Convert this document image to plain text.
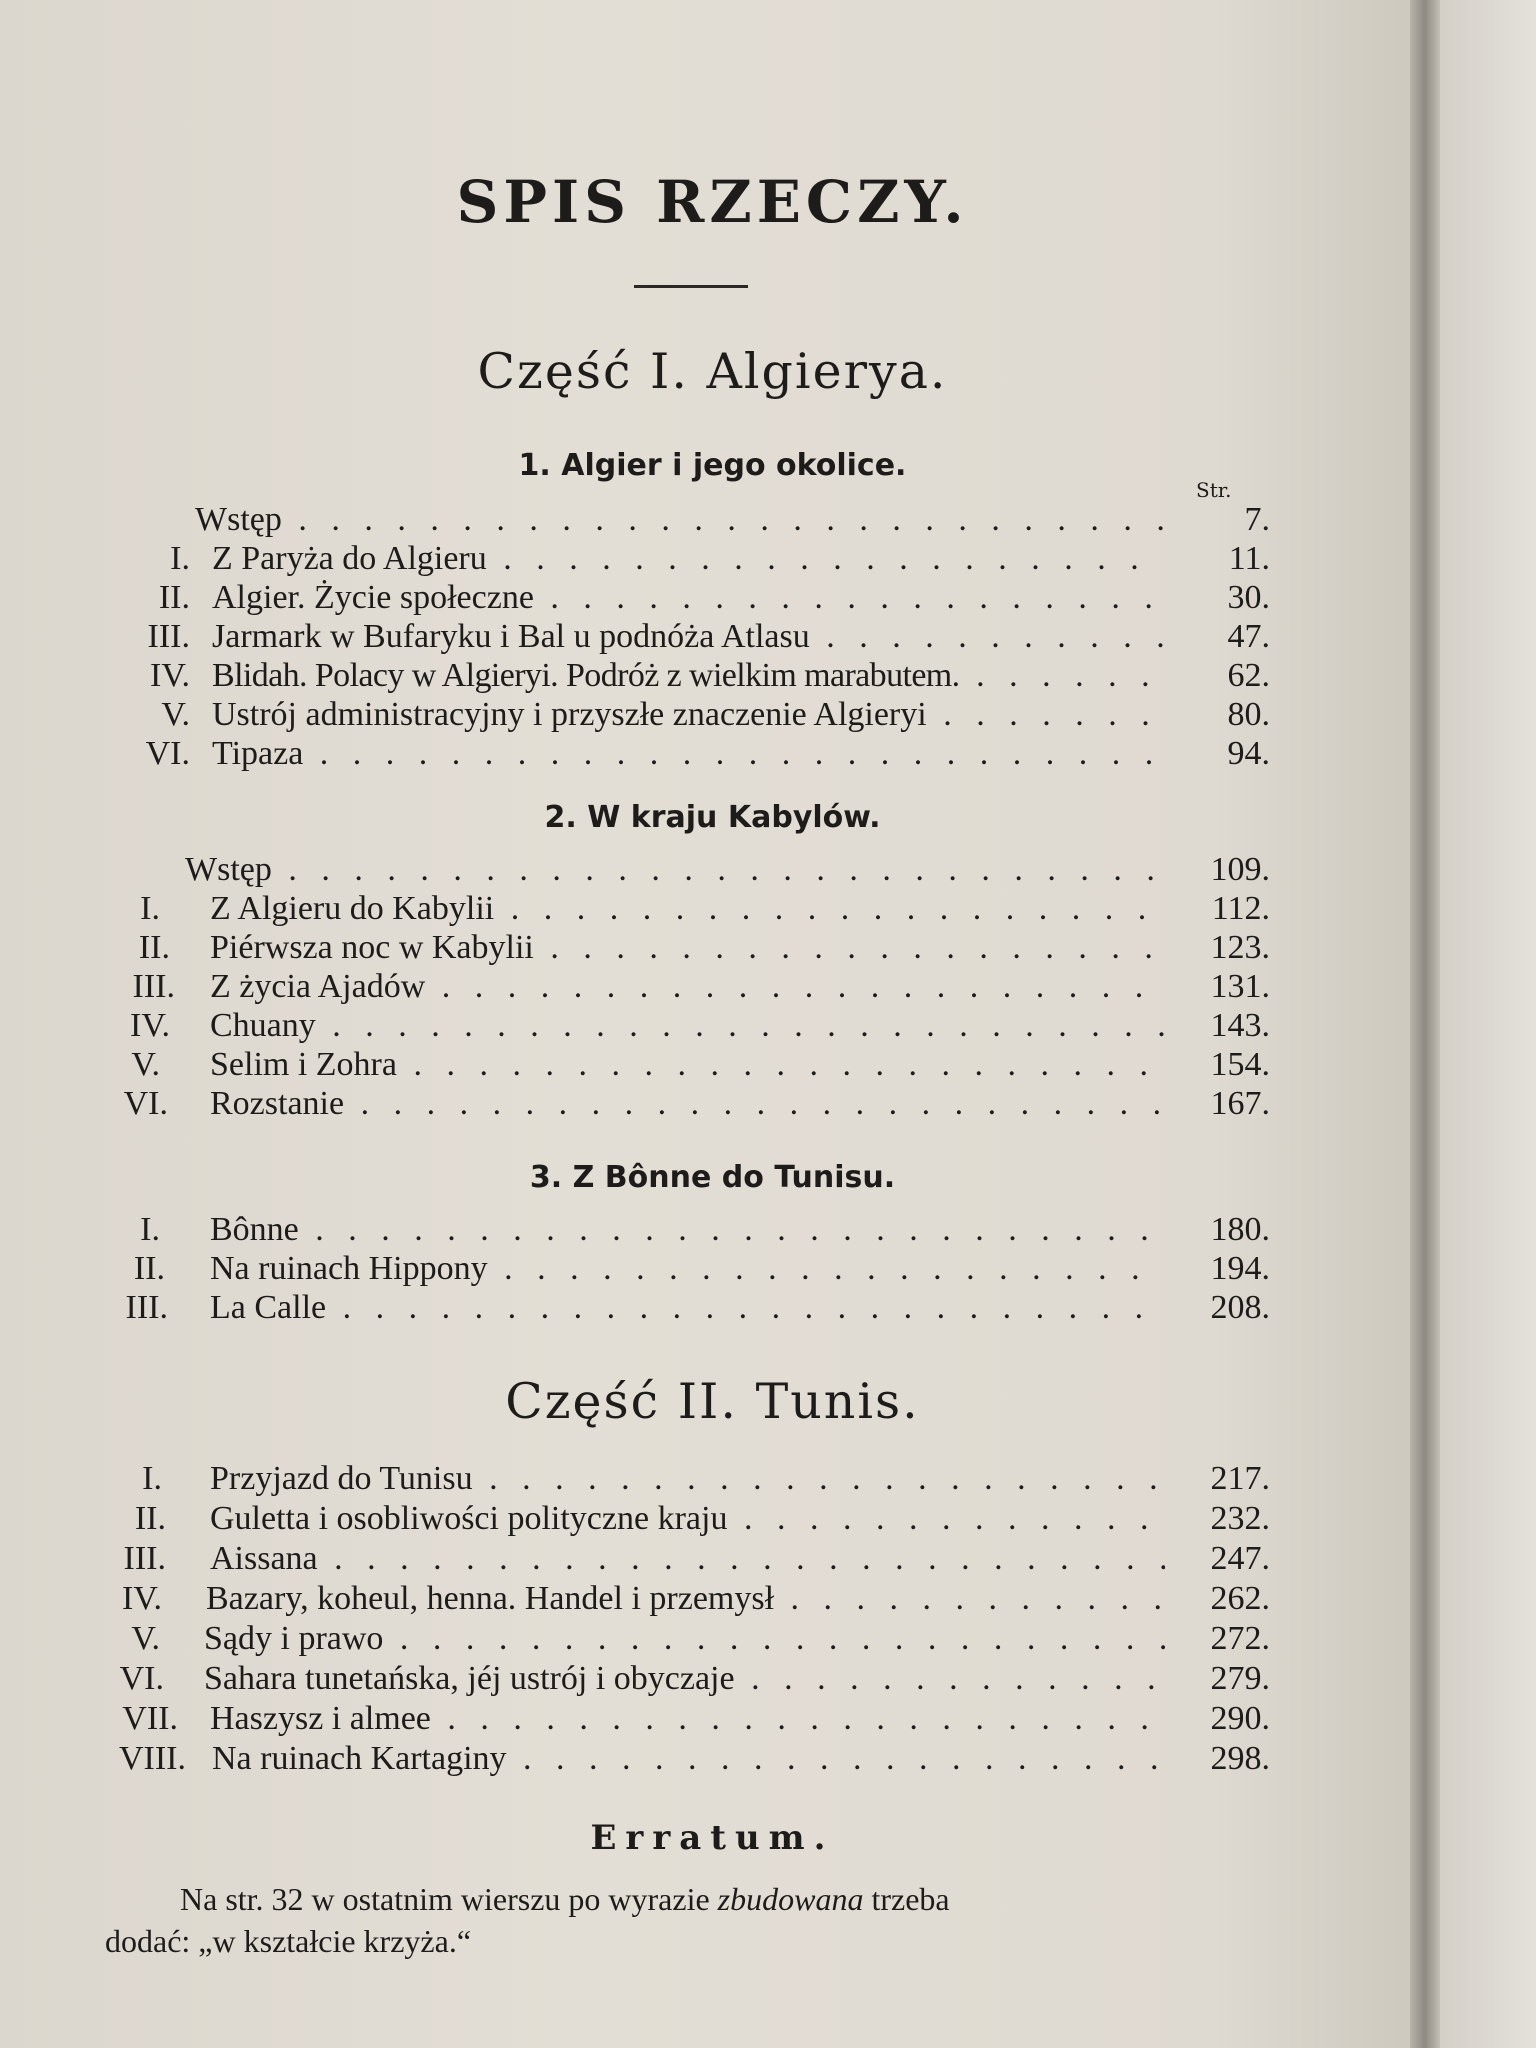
SPIS RZECZY.
Część I. Algierya.
1. Algier i jego okolice.
Str.
Wstęp . . .	7.
I. Z Paryża do Algieru . . .	11.
II. Algier. Życie społeczne . . .	30.
III. Jarmark w Bufaryku i Bal u podnóża Atlasu . . .	47.
IV. Blidah. Polacy w Algieryi. Podróż z wielkim marabutem. . . .	62.
V. Ustrój administracyjny i przyszłe znaczenie Algieryi . . .	80.
VI. Tipaza . . .	94.
2. W kraju Kabylów.
Wstęp . . .	109.
I. Z Algieru do Kabylii . . .	112.
II. Piérwsza noc w Kabylii . . .	123.
III. Z życia Ajadów . . .	131.
IV. Chuany . . .	143.
V. Selim i Zohra . . .	154.
VI. Rozstanie . . .	167.
3. Z Bônne do Tunisu.
I. Bônne . . .	180.
II. Na ruinach Hippony . . .	194.
III. La Calle . . .	208.
Część II. Tunis.
I. Przyjazd do Tunisu . . .	217.
II. Guletta i osobliwości polityczne kraju . . .	232.
III. Aissana . . .	247.
IV. Bazary, koheul, henna. Handel i przemysł . . .	262.
V. Sądy i prawo . . .	272.
VI. Sahara tunetańska, jéj ustrój i obyczaje . . .	279.
VII. Haszysz i almee . . .	290.
VIII. Na ruinach Kartaginy . . .	298.
Erratum.
Na str. 32 w ostatnim wierszu po wyrazie zbudowana trzeba
dodać: „w kształcie krzyża.“
